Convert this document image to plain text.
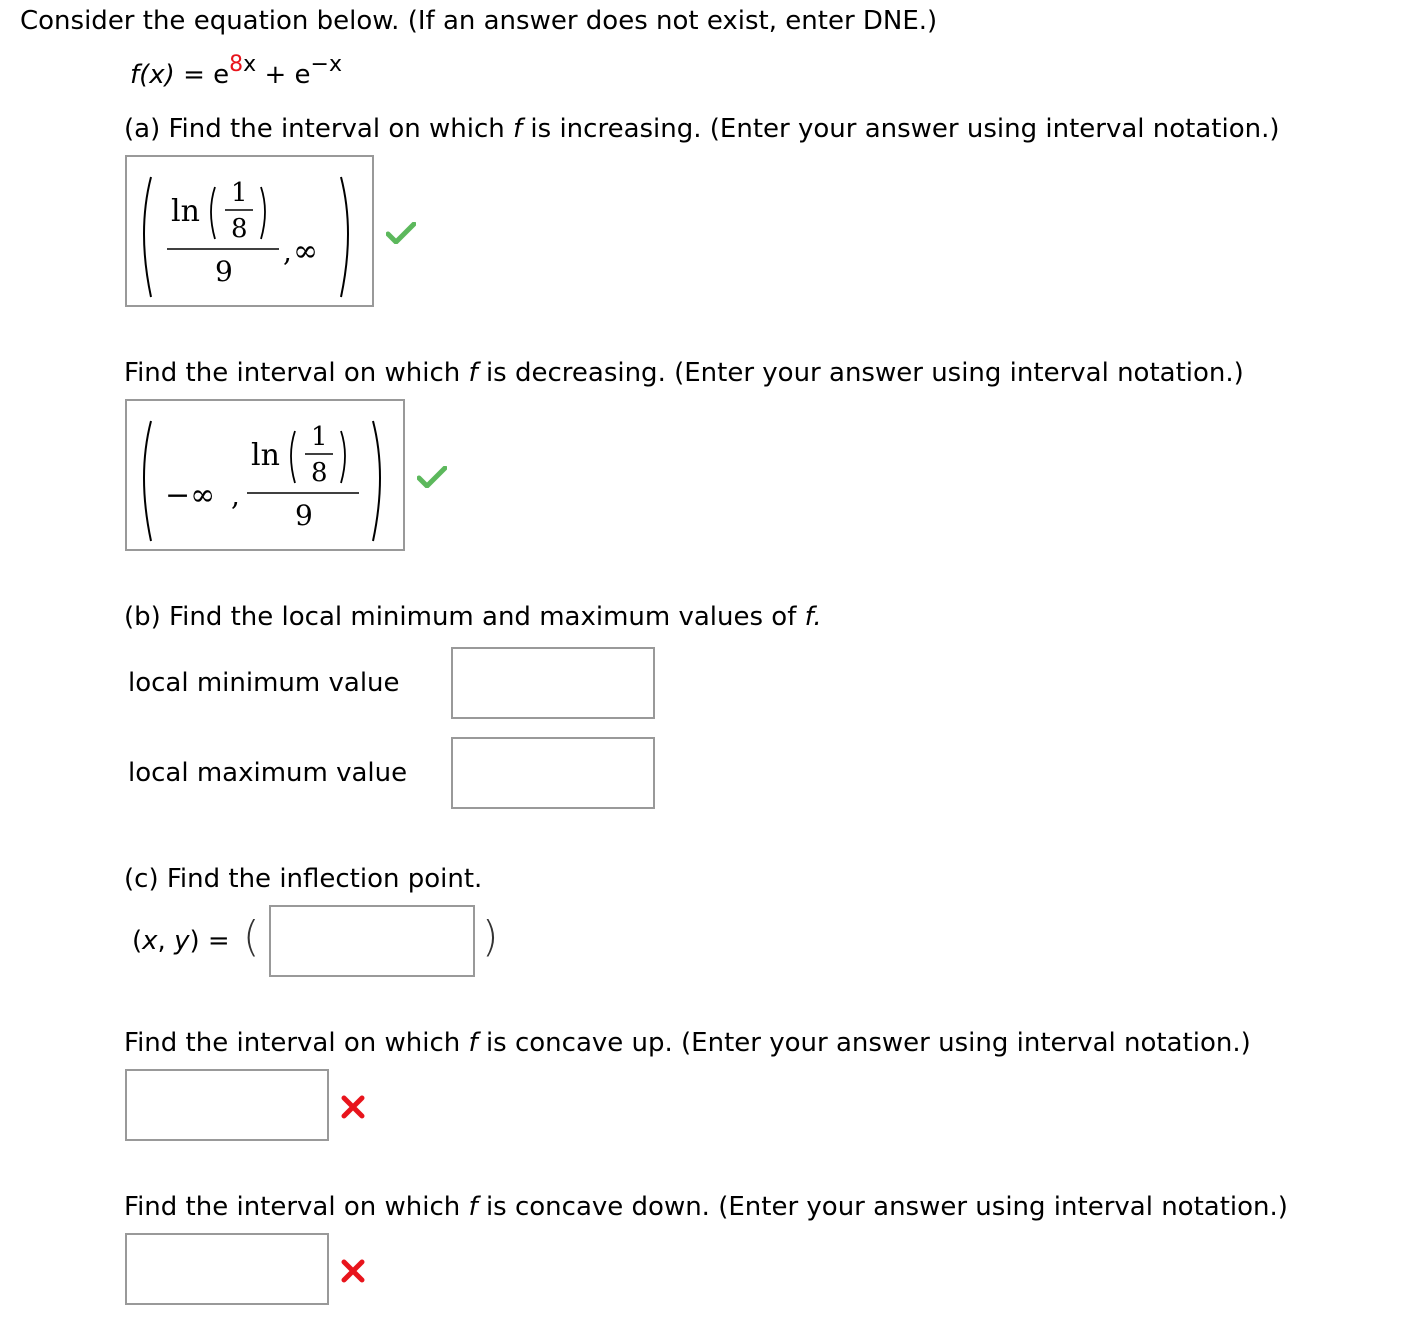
Consider the equation below. (If an answer does not exist, enter DNE.)
$f(x) = e^{8x} + e^{-x}$
(a) Find the interval on which f is increasing. (Enter your answer using interval notation.)
ln
1
8
9
, ∞
Find the interval on which f is decreasing. (Enter your answer using interval notation.)
−∞ ,
ln
1
8
9
(b) Find the local minimum and maximum values of f.
local minimum value
local maximum value
(c) Find the inflection point.
(x, y) = (	)
Find the interval on which f is concave up. (Enter your answer using interval notation.)
Find the interval on which f is concave down. (Enter your answer using interval notation.)
